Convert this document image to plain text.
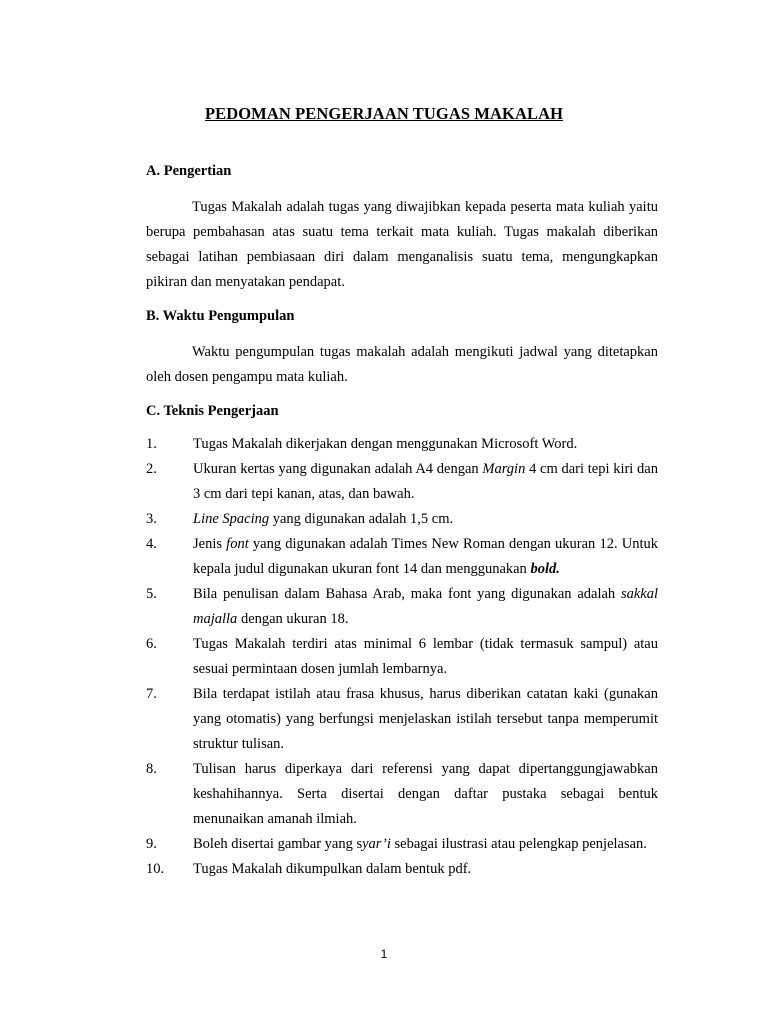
PEDOMAN PENGERJAAN TUGAS MAKALAH

A. Pengertian

Tugas Makalah adalah tugas yang diwajibkan kepada peserta mata kuliah yaitu berupa pembahasan atas suatu tema terkait mata kuliah. Tugas makalah diberikan sebagai latihan pembiasaan diri dalam menganalisis suatu tema, mengungkapkan pikiran dan menyatakan pendapat.

B. Waktu Pengumpulan

Waktu pengumpulan tugas makalah adalah mengikuti jadwal yang ditetapkan oleh dosen pengampu mata kuliah.

C. Teknis Pengerjaan

1.	Tugas Makalah dikerjakan dengan menggunakan Microsoft Word.
2.	Ukuran kertas yang digunakan adalah A4 dengan Margin 4 cm dari tepi kiri dan 3 cm dari tepi kanan, atas, dan bawah.
3.	Line Spacing yang digunakan adalah 1,5 cm.
4.	Jenis font yang digunakan adalah Times New Roman dengan ukuran 12. Untuk kepala judul digunakan ukuran font 14 dan menggunakan bold.
5.	Bila penulisan dalam Bahasa Arab, maka font yang digunakan adalah sakkal majalla dengan ukuran 18.
6.	Tugas Makalah terdiri atas minimal 6 lembar (tidak termasuk sampul) atau sesuai permintaan dosen jumlah lembarnya.
7.	Bila terdapat istilah atau frasa khusus, harus diberikan catatan kaki (gunakan yang otomatis) yang berfungsi menjelaskan istilah tersebut tanpa memperumit struktur tulisan.
8.	Tulisan harus diperkaya dari referensi yang dapat dipertanggungjawabkan keshahihannya. Serta disertai dengan daftar pustaka sebagai bentuk menunaikan amanah ilmiah.
9.	Boleh disertai gambar yang syar’i sebagai ilustrasi atau pelengkap penjelasan.
10.	Tugas Makalah dikumpulkan dalam bentuk pdf.
1
